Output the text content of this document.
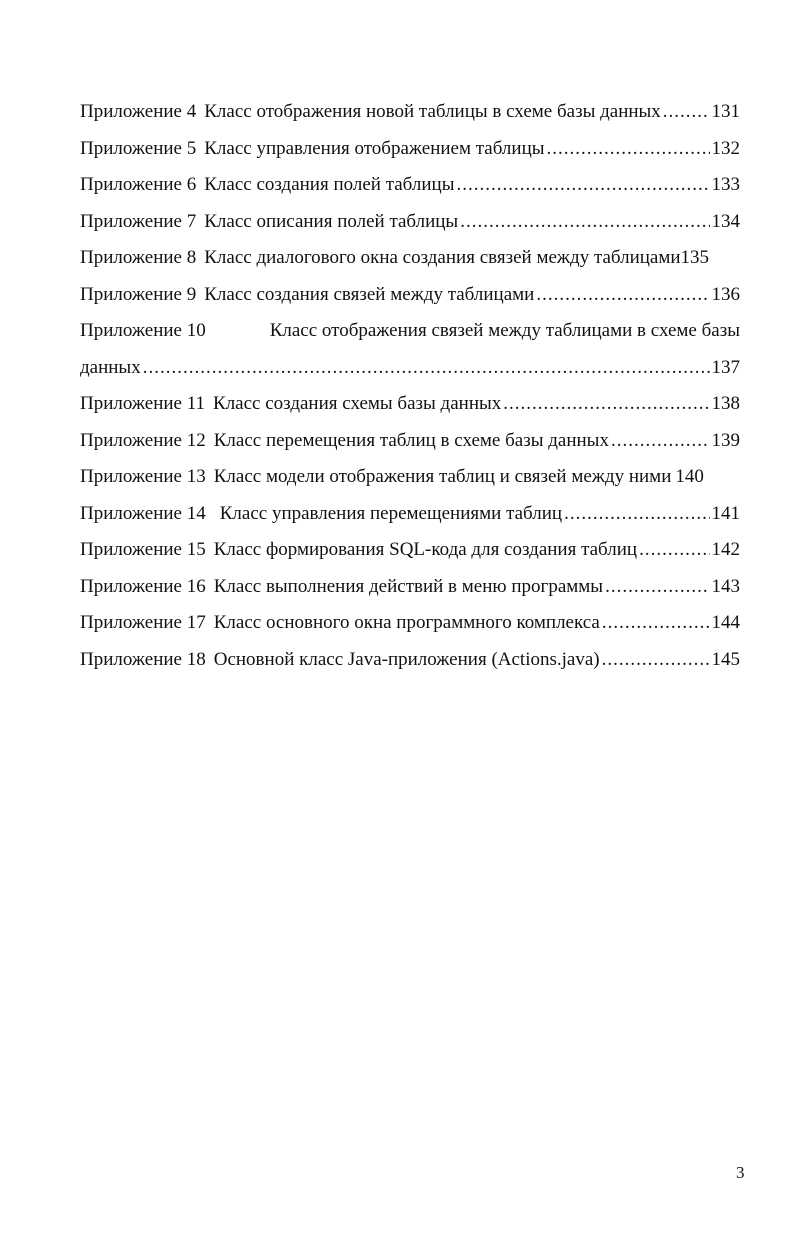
Приложение 4 Класс отображения новой таблицы в схеме базы данных .....	131
Приложение 5 Класс управления отображением таблицы .....	132
Приложение 6 Класс создания полей таблицы .....	133
Приложение 7 Класс описания полей таблицы .....	134
Приложение 8 Класс диалогового окна создания связей между таблицами 135
Приложение 9 Класс создания связей между таблицами .....	136
Приложение 10	Класс отображения связей между таблицами в схеме базы
данных .....	137
Приложение 11 Класс создания схемы базы данных .....	138
Приложение 12 Класс перемещения таблиц в схеме базы данных .....	139
Приложение 13 Класс модели отображения таблиц и связей между ними 140
Приложение 14 Класс управления перемещениями таблиц .....	141
Приложение 15 Класс формирования SQL-кода для создания таблиц .....	142
Приложение 16 Класс выполнения действий в меню программы .....	143
Приложение 17 Класс основного окна программного комплекса .....	144
Приложение 18 Основной класс Java-приложения (Actions.java) .....	145
3
